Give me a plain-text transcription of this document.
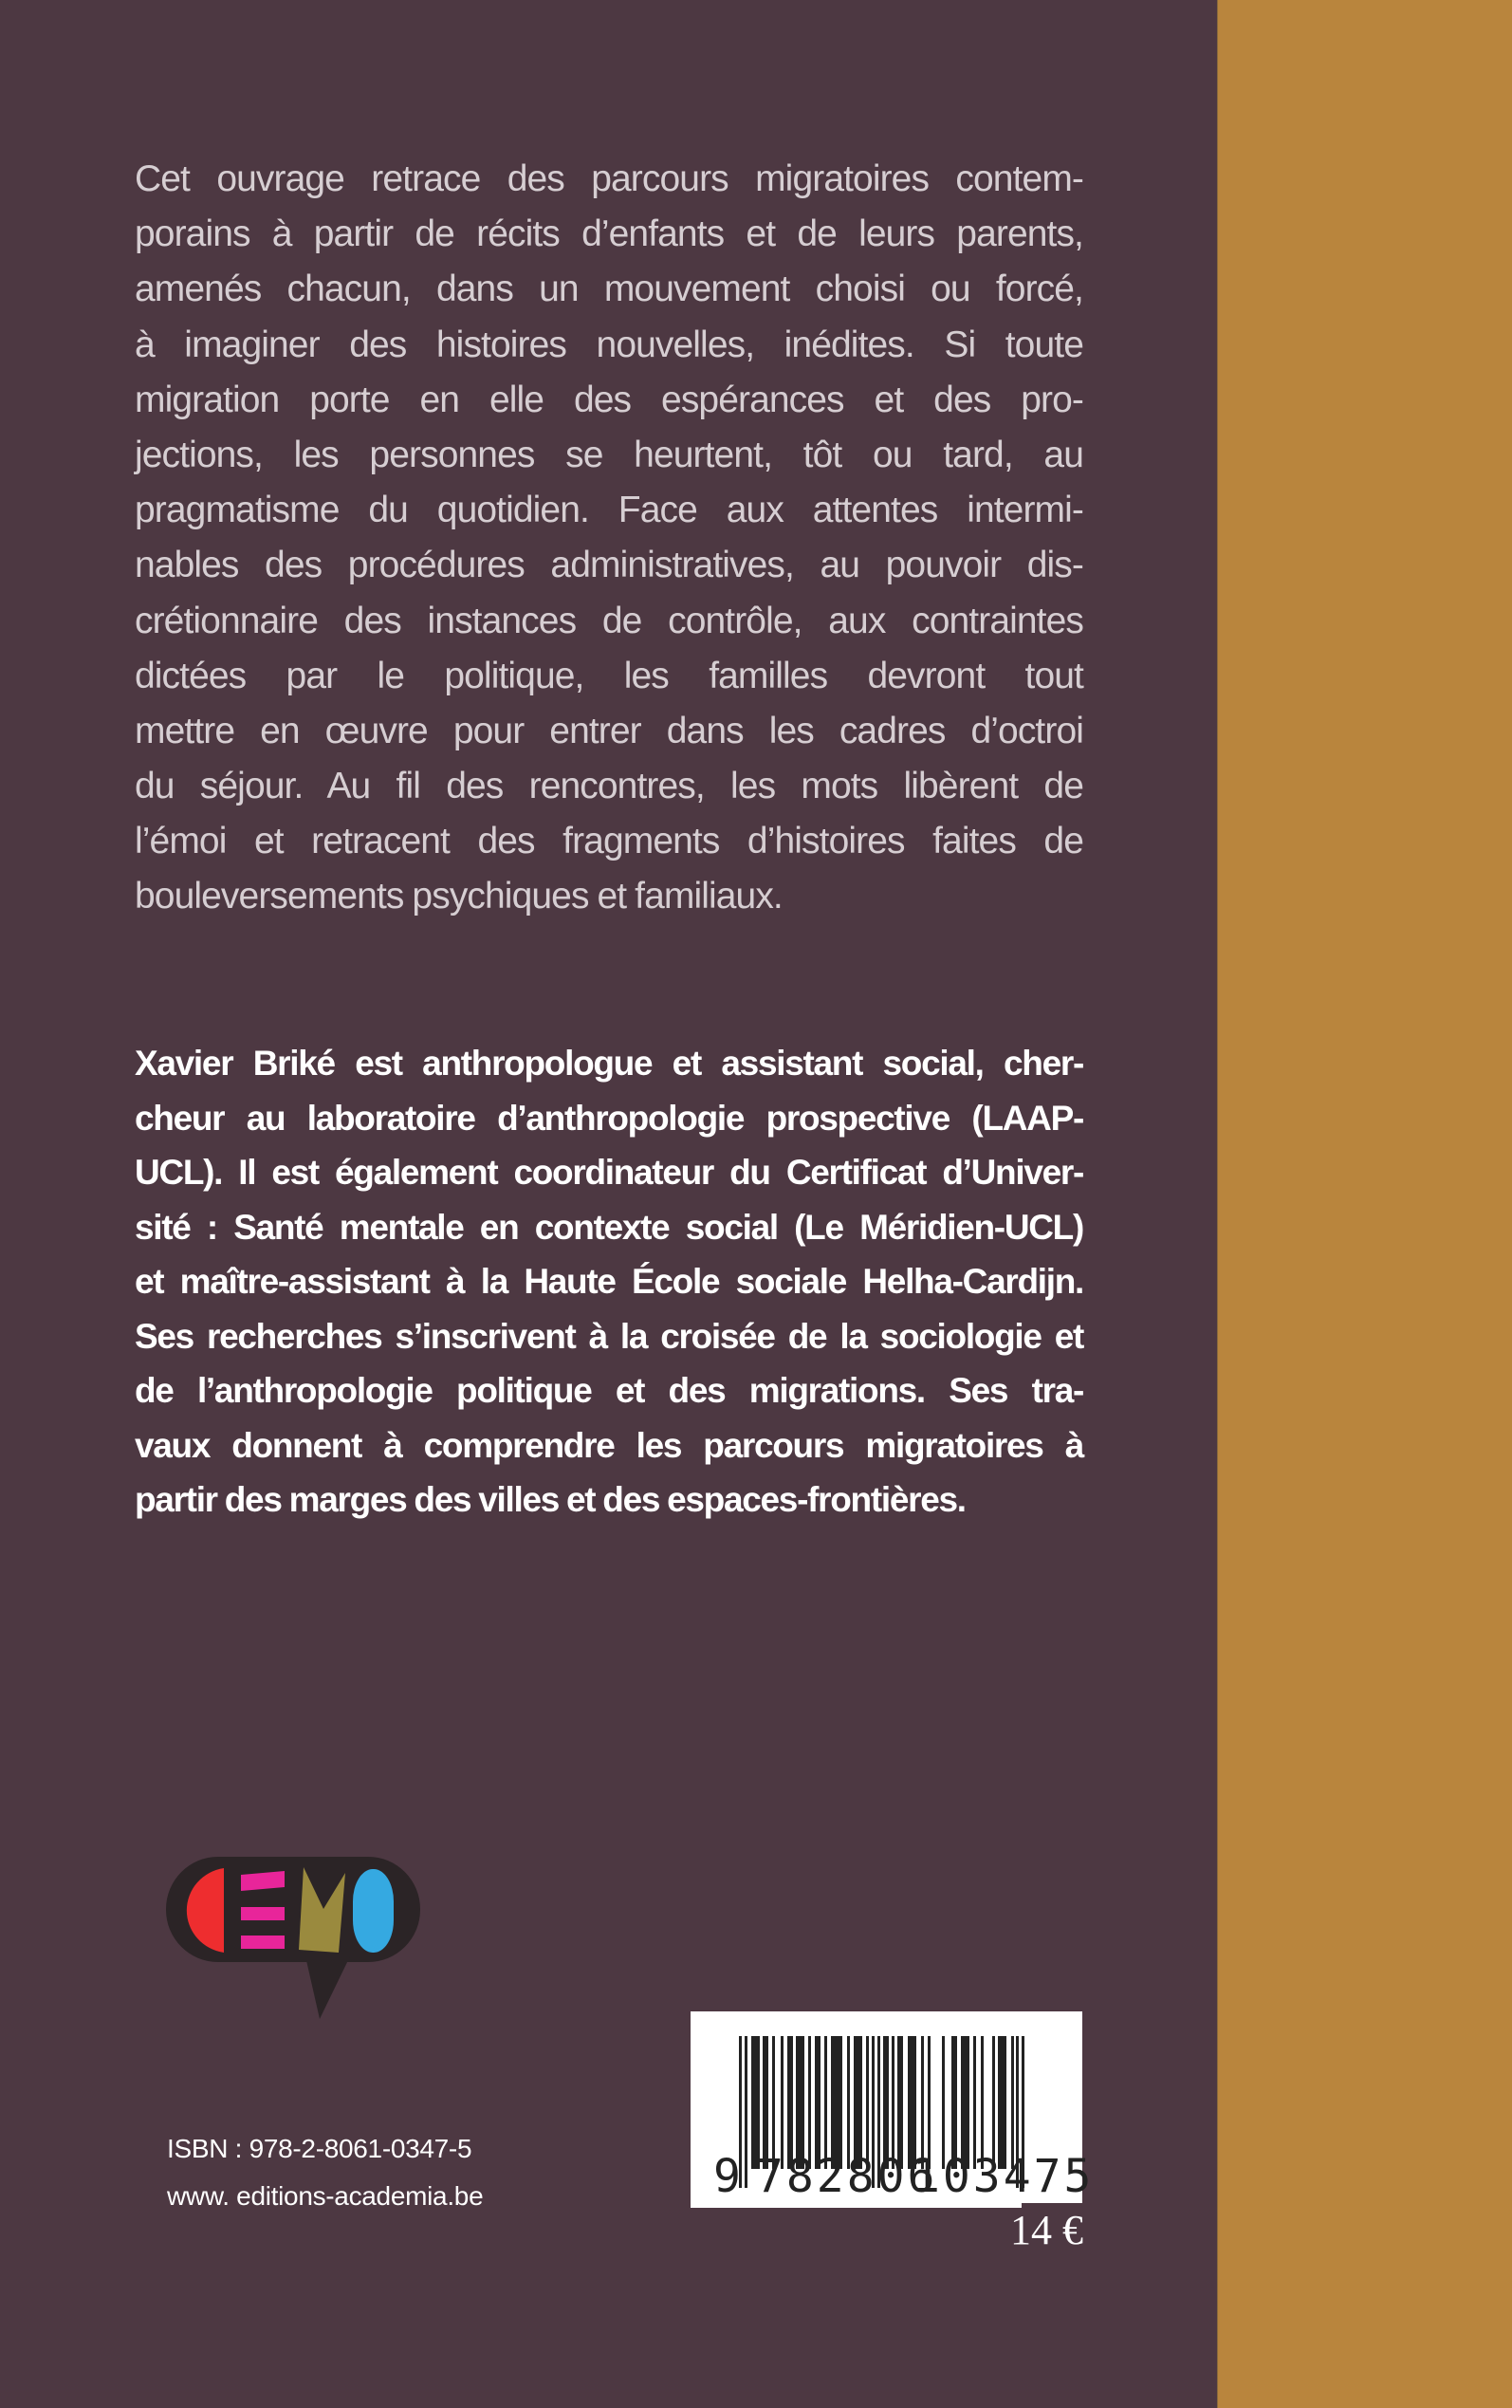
Cet ouvrage retrace des parcours migratoires contem-
porains à partir de récits d’enfants et de leurs parents,
amenés chacun, dans un mouvement choisi ou forcé,
à imaginer des histoires nouvelles, inédites. Si toute
migration porte en elle des espérances et des pro-
jections, les personnes se heurtent, tôt ou tard, au
pragmatisme du quotidien. Face aux attentes intermi-
nables des procédures administratives, au pouvoir dis-
crétionnaire des instances de contrôle, aux contraintes
dictées par le politique, les familles devront tout
mettre en œuvre pour entrer dans les cadres d’octroi
du séjour. Au fil des rencontres, les mots libèrent de
l’émoi et retracent des fragments d’histoires faites de
bouleversements psychiques et familiaux.
Xavier Briké est anthropologue et assistant social, cher-
cheur au laboratoire d’anthropologie prospective (LAAP-
UCL). Il est également coordinateur du Certificat d’Univer-
sité : Santé mentale en contexte social (Le Méridien-UCL)
et maître-assistant à la Haute École sociale Helha-Cardijn.
Ses recherches s’inscrivent à la croisée de la sociologie et
de l’anthropologie politique et des migrations. Ses tra-
vaux donnent à comprendre les parcours migratoires à
partir des marges des villes et des espaces-frontières.
ISBN : 978-2-8061-0347-5
www. editions-academia.be	9 782806
103475
14 €
